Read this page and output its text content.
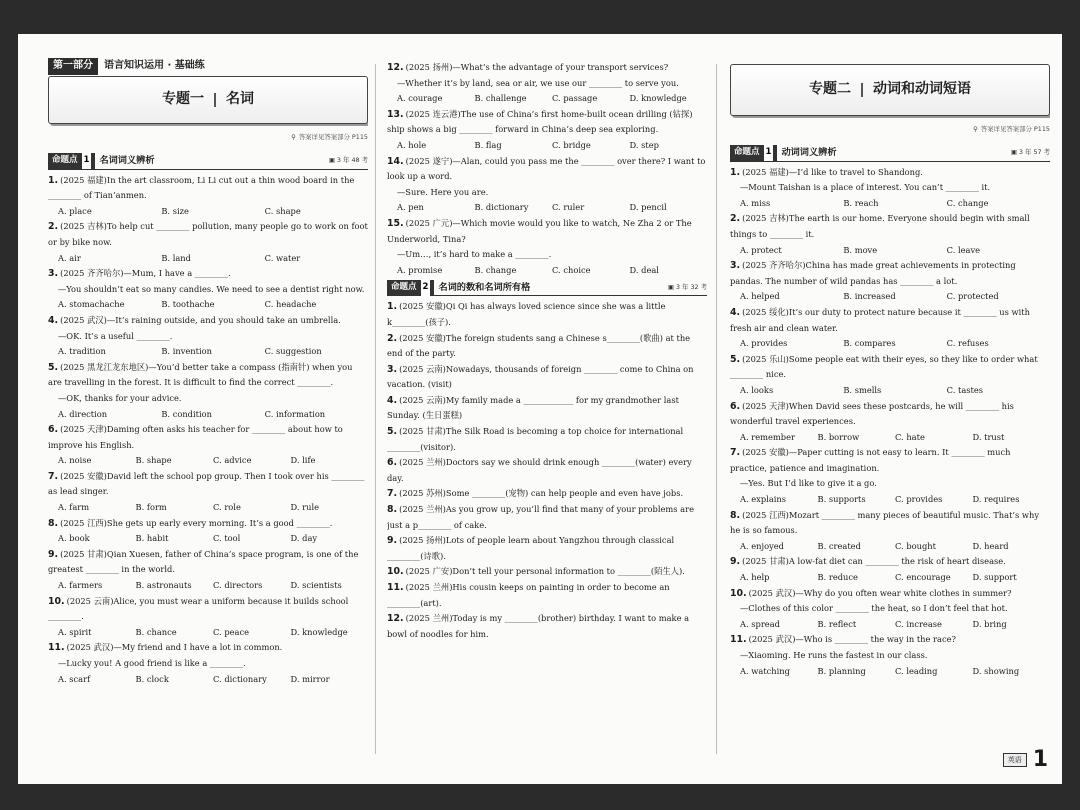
第一部分	语言知识运用 · 基础练
专题一 名词
⚲ 答案详见答案部分 P115
命题点 1 名词词义辨析	▣ 3 年 48 考
1. (2025 福建)In the art classroom, Li Li cut out a thin wood board in the ________ of Tian’anmen.
A. place	B. size	C. shape
2. (2025 吉林)To help cut ________ pollution, many people go to work on foot or by bike now.
A. air	B. land	C. water
3. (2025 齐齐哈尔)—Mum, I have a ________.
—You shouldn’t eat so many candies. We need to see a dentist right now.
A. stomachache	B. toothache	C. headache
4. (2025 武汉)—It’s raining outside, and you should take an umbrella.
—OK. It’s a useful ________.
A. tradition	B. invention	C. suggestion
5. (2025 黑龙江龙东地区)—You’d better take a compass (指南针) when you are travelling in the forest. It is difficult to find the correct ________.
—OK, thanks for your advice.
A. direction	B. condition	C. information
6. (2025 天津)Daming often asks his teacher for ________ about how to improve his English.
A. noise	B. shape	C. advice	D. life
7. (2025 安徽)David left the school pop group. Then I took over his ________ as lead singer.
A. farm	B. form	C. role	D. rule
8. (2025 江西)She gets up early every morning. It’s a good ________.
A. book	B. habit	C. tool	D. day
9. (2025 甘肃)Qian Xuesen, father of China’s space program, is one of the greatest ________ in the world.
A. farmers	B. astronauts	C. directors	D. scientists
10. (2025 云南)Alice, you must wear a uniform because it builds school ________.
A. spirit	B. chance	C. peace	D. knowledge
11. (2025 武汉)—My friend and I have a lot in common.
—Lucky you! A good friend is like a ________.
A. scarf	B. clock	C. dictionary	D. mirror
12. (2025 扬州)—What’s the advantage of your transport services?
—Whether it’s by land, sea or air, we use our ________ to serve you.
A. courage	B. challenge	C. passage	D. knowledge
13. (2025 连云港)The use of China’s first home-built ocean drilling (钻探) ship shows a big ________ forward in China’s deep sea exploring.
A. hole	B. flag	C. bridge	D. step
14. (2025 遂宁)—Alan, could you pass me the ________ over there? I want to look up a word.
—Sure. Here you are.
A. pen	B. dictionary	C. ruler	D. pencil
15. (2025 广元)—Which movie would you like to watch, Ne Zha 2 or The Underworld, Tina?
—Um…, it’s hard to make a ________.
A. promise	B. change	C. choice	D. deal
命题点 2 名词的数和名词所有格	▣ 3 年 32 考
1. (2025 安徽)Qi Qi has always loved science since she was a little k________(孩子).
2. (2025 安徽)The foreign students sang a Chinese s________(歌曲) at the end of the party.
3. (2025 云南)Nowadays, thousands of foreign ________ come to China on vacation. (visit)
4. (2025 云南)My family made a ____________ for my grandmother last Sunday. (生日蛋糕)
5. (2025 甘肃)The Silk Road is becoming a top choice for international ________(visitor).
6. (2025 兰州)Doctors say we should drink enough ________(water) every day.
7. (2025 苏州)Some ________(宠物) can help people and even have jobs.
8. (2025 兰州)As you grow up, you’ll find that many of your problems are just a p________ of cake.
9. (2025 扬州)Lots of people learn about Yangzhou through classical ________(诗歌).
10. (2025 广安)Don’t tell your personal information to ________(陌生人).
11. (2025 兰州)His cousin keeps on painting in order to become an ________(art).
12. (2025 兰州)Today is my ________(brother) birthday. I want to make a bowl of noodles for him.
专题二 动词和动词短语
⚲ 答案详见答案部分 P115
命题点 1 动词词义辨析	▣ 3 年 57 考
1. (2025 福建)—I’d like to travel to Shandong.
—Mount Taishan is a place of interest. You can’t ________ it.
A. miss	B. reach	C. change
2. (2025 吉林)The earth is our home. Everyone should begin with small things to ________ it.
A. protect	B. move	C. leave
3. (2025 齐齐哈尔)China has made great achievements in protecting pandas. The number of wild pandas has ________ a lot.
A. helped	B. increased	C. protected
4. (2025 绥化)It’s our duty to protect nature because it ________ us with fresh air and clean water.
A. provides	B. compares	C. refuses
5. (2025 乐山)Some people eat with their eyes, so they like to order what ________ nice.
A. looks	B. smells	C. tastes
6. (2025 天津)When David sees these postcards, he will ________ his wonderful travel experiences.
A. remember	B. borrow	C. hate	D. trust
7. (2025 安徽)—Paper cutting is not easy to learn. It ________ much practice, patience and imagination.
—Yes. But I’d like to give it a go.
A. explains	B. supports	C. provides	D. requires
8. (2025 江西)Mozart ________ many pieces of beautiful music. That’s why he is so famous.
A. enjoyed	B. created	C. bought	D. heard
9. (2025 甘肃)A low-fat diet can ________ the risk of heart disease.
A. help	B. reduce	C. encourage	D. support
10. (2025 武汉)—Why do you often wear white clothes in summer?
—Clothes of this color ________ the heat, so I don’t feel that hot.
A. spread	B. reflect	C. increase	D. bring
11. (2025 武汉)—Who is ________ the way in the race?
—Xiaoming. He runs the fastest in our class.
A. watching	B. planning	C. leading	D. showing
英语 1
